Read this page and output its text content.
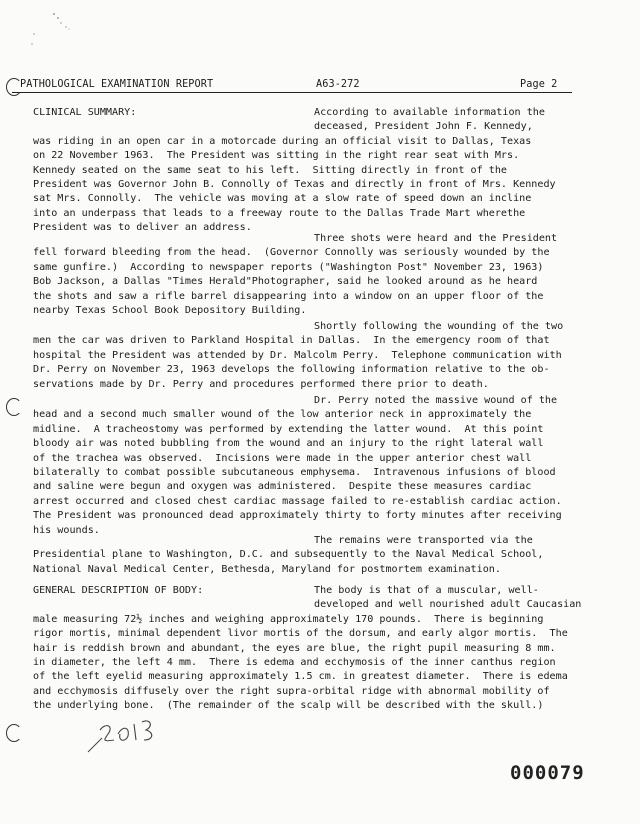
PATHOLOGICAL EXAMINATION REPORT	A63-272	Page 2
CLINICAL SUMMARY:	According to available information the
deceased, President John F. Kennedy,
was riding in an open car in a motorcade during an official visit to Dallas, Texas
on 22 November 1963.  The President was sitting in the right rear seat with Mrs.
Kennedy seated on the same seat to his left.  Sitting directly in front of the
President was Governor John B. Connolly of Texas and directly in front of Mrs. Kennedy
sat Mrs. Connolly.  The vehicle was moving at a slow rate of speed down an incline
into an underpass that leads to a freeway route to the Dallas Trade Mart wherethe
President was to deliver an address.
Three shots were heard and the President
fell forward bleeding from the head.  (Governor Connolly was seriously wounded by the
same gunfire.)  According to newspaper reports ("Washington Post" November 23, 1963)
Bob Jackson, a Dallas "Times Herald"Photographer, said he looked around as he heard
the shots and saw a rifle barrel disappearing into a window on an upper floor of the
nearby Texas School Book Depository Building.
Shortly following the wounding of the two
men the car was driven to Parkland Hospital in Dallas.  In the emergency room of that
hospital the President was attended by Dr. Malcolm Perry.  Telephone communication with
Dr. Perry on November 23, 1963 develops the following information relative to the ob-
servations made by Dr. Perry and procedures performed there prior to death.
Dr. Perry noted the massive wound of the
head and a second much smaller wound of the low anterior neck in approximately the
midline.  A tracheostomy was performed by extending the latter wound.  At this point
bloody air was noted bubbling from the wound and an injury to the right lateral wall
of the trachea was observed.  Incisions were made in the upper anterior chest wall
bilaterally to combat possible subcutaneous emphysema.  Intravenous infusions of blood
and saline were begun and oxygen was administered.  Despite these measures cardiac
arrest occurred and closed chest cardiac massage failed to re-establish cardiac action.
The President was pronounced dead approximately thirty to forty minutes after receiving
his wounds.
The remains were transported via the
Presidential plane to Washington, D.C. and subsequently to the Naval Medical School,
National Naval Medical Center, Bethesda, Maryland for postmortem examination.
GENERAL DESCRIPTION OF BODY:	The body is that of a muscular, well-
developed and well nourished adult Caucasian
male measuring 72½ inches and weighing approximately 170 pounds.  There is beginning
rigor mortis, minimal dependent livor mortis of the dorsum, and early algor mortis.  The
hair is reddish brown and abundant, the eyes are blue, the right pupil measuring 8 mm.
in diameter, the left 4 mm.  There is edema and ecchymosis of the inner canthus region
of the left eyelid measuring approximately 1.5 cm. in greatest diameter.  There is edema
and ecchymosis diffusely over the right supra-orbital ridge with abnormal mobility of
the underlying bone.  (The remainder of the scalp will be described with the skull.)
000079
